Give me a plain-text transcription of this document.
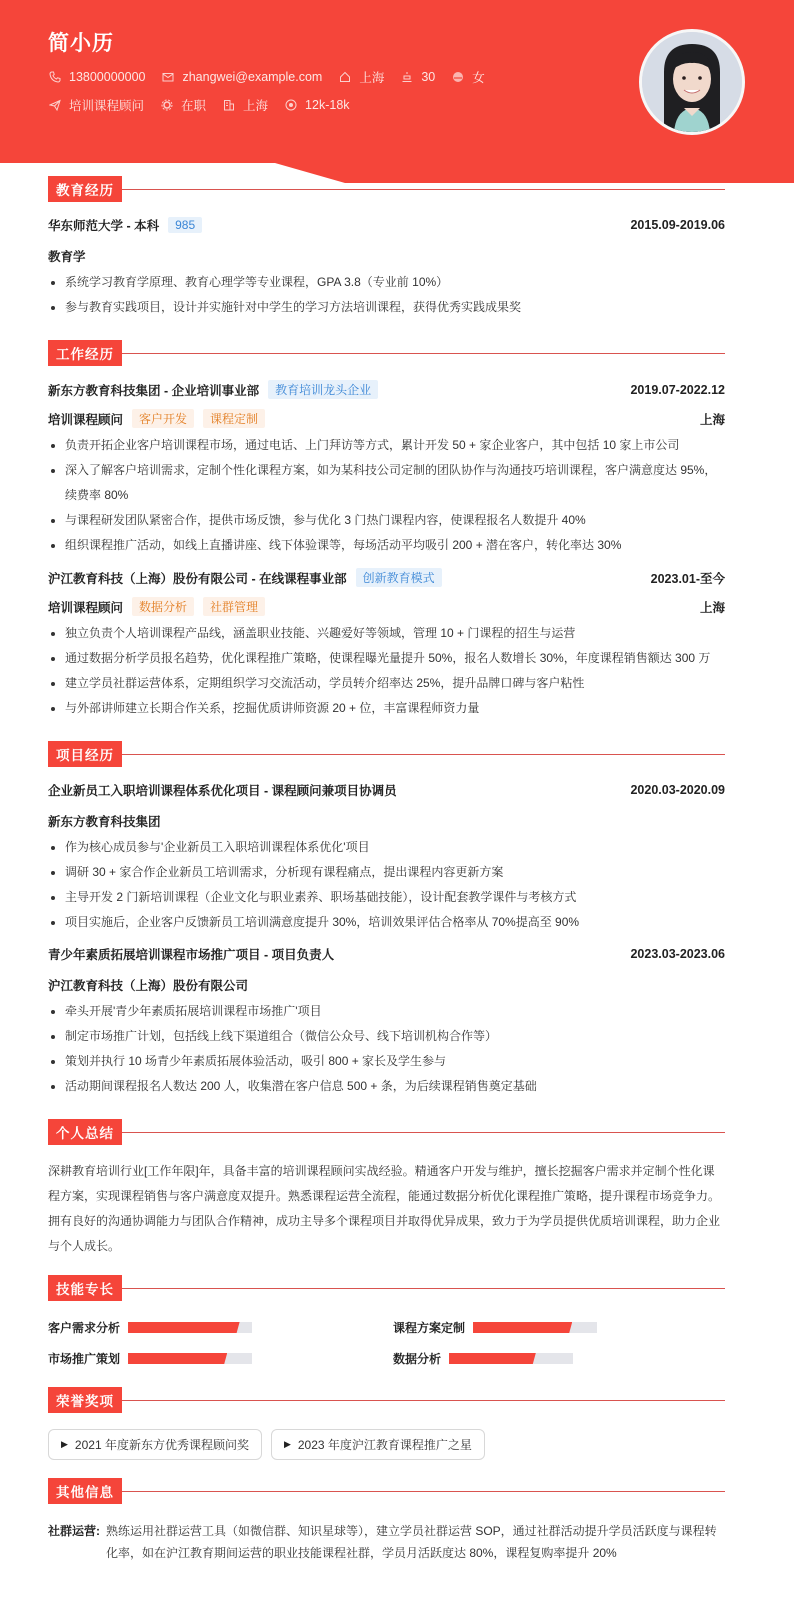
简小历
13800000000	zhangwei@example.com	上海	30	女
培训课程顾问	在职	上海	12k-18k
教育经历
华东师范大学 - 本科	985	2015.09-2019.06
教育学
系统学习教育学原理、教育心理学等专业课程，GPA 3.8（专业前 10%）
参与教育实践项目，设计并实施针对中学生的学习方法培训课程，获得优秀实践成果奖
工作经历
新东方教育科技集团 - 企业培训事业部	教育培训龙头企业	2019.07-2022.12
培训课程顾问	客户开发	课程定制	上海
负责开拓企业客户培训课程市场，通过电话、上门拜访等方式，累计开发 50 + 家企业客户，其中包括 10 家上市公司
深入了解客户培训需求，定制个性化课程方案，如为某科技公司定制的团队协作与沟通技巧培训课程，客户满意度达 95%，续费率 80%
与课程研发团队紧密合作，提供市场反馈，参与优化 3 门热门课程内容，使课程报名人数提升 40%
组织课程推广活动，如线上直播讲座、线下体验课等，每场活动平均吸引 200 + 潜在客户，转化率达 30%
沪江教育科技（上海）股份有限公司 - 在线课程事业部	创新教育模式	2023.01-至今
培训课程顾问	数据分析	社群管理	上海
独立负责个人培训课程产品线，涵盖职业技能、兴趣爱好等领域，管理 10 + 门课程的招生与运营
通过数据分析学员报名趋势，优化课程推广策略，使课程曝光量提升 50%，报名人数增长 30%，年度课程销售额达 300 万
建立学员社群运营体系，定期组织学习交流活动，学员转介绍率达 25%，提升品牌口碑与客户粘性
与外部讲师建立长期合作关系，挖掘优质讲师资源 20 + 位，丰富课程师资力量
项目经历
企业新员工入职培训课程体系优化项目 - 课程顾问兼项目协调员	2020.03-2020.09
新东方教育科技集团
作为核心成员参与'企业新员工入职培训课程体系优化'项目
调研 30 + 家合作企业新员工培训需求，分析现有课程痛点，提出课程内容更新方案
主导开发 2 门新培训课程（企业文化与职业素养、职场基础技能），设计配套教学课件与考核方式
项目实施后，企业客户反馈新员工培训满意度提升 30%，培训效果评估合格率从 70%提高至 90%
青少年素质拓展培训课程市场推广项目 - 项目负责人	2023.03-2023.06
沪江教育科技（上海）股份有限公司
牵头开展'青少年素质拓展培训课程市场推广'项目
制定市场推广计划，包括线上线下渠道组合（微信公众号、线下培训机构合作等）
策划并执行 10 场青少年素质拓展体验活动，吸引 800 + 家长及学生参与
活动期间课程报名人数达 200 人，收集潜在客户信息 500 + 条，为后续课程销售奠定基础
个人总结

深耕教育培训行业[工作年限]年，具备丰富的培训课程顾问实战经验。精通客户开发与维护，擅长挖掘客户需求并定制个性化课程方案，实现课程销售与客户满意度双提升。熟悉课程运营全流程，能通过数据分析优化课程推广策略，提升课程市场竞争力。拥有良好的沟通协调能力与团队合作精神，成功主导多个课程项目并取得优异成果，致力于为学员提供优质培训课程，助力企业与个人成长。

技能专长
客户需求分析	课程方案定制
市场推广策划	数据分析
荣誉奖项
▶ 2021 年度新东方优秀课程顾问奖	▶ 2023 年度沪江教育课程推广之星
其他信息
社群运营: 熟练运用社群运营工具（如微信群、知识星球等），建立学员社群运营 SOP，通过社群活动提升学员活跃度与课程转化率，如在沪江教育期间运营的职业技能课程社群，学员月活跃度达 80%，课程复购率提升 20%
